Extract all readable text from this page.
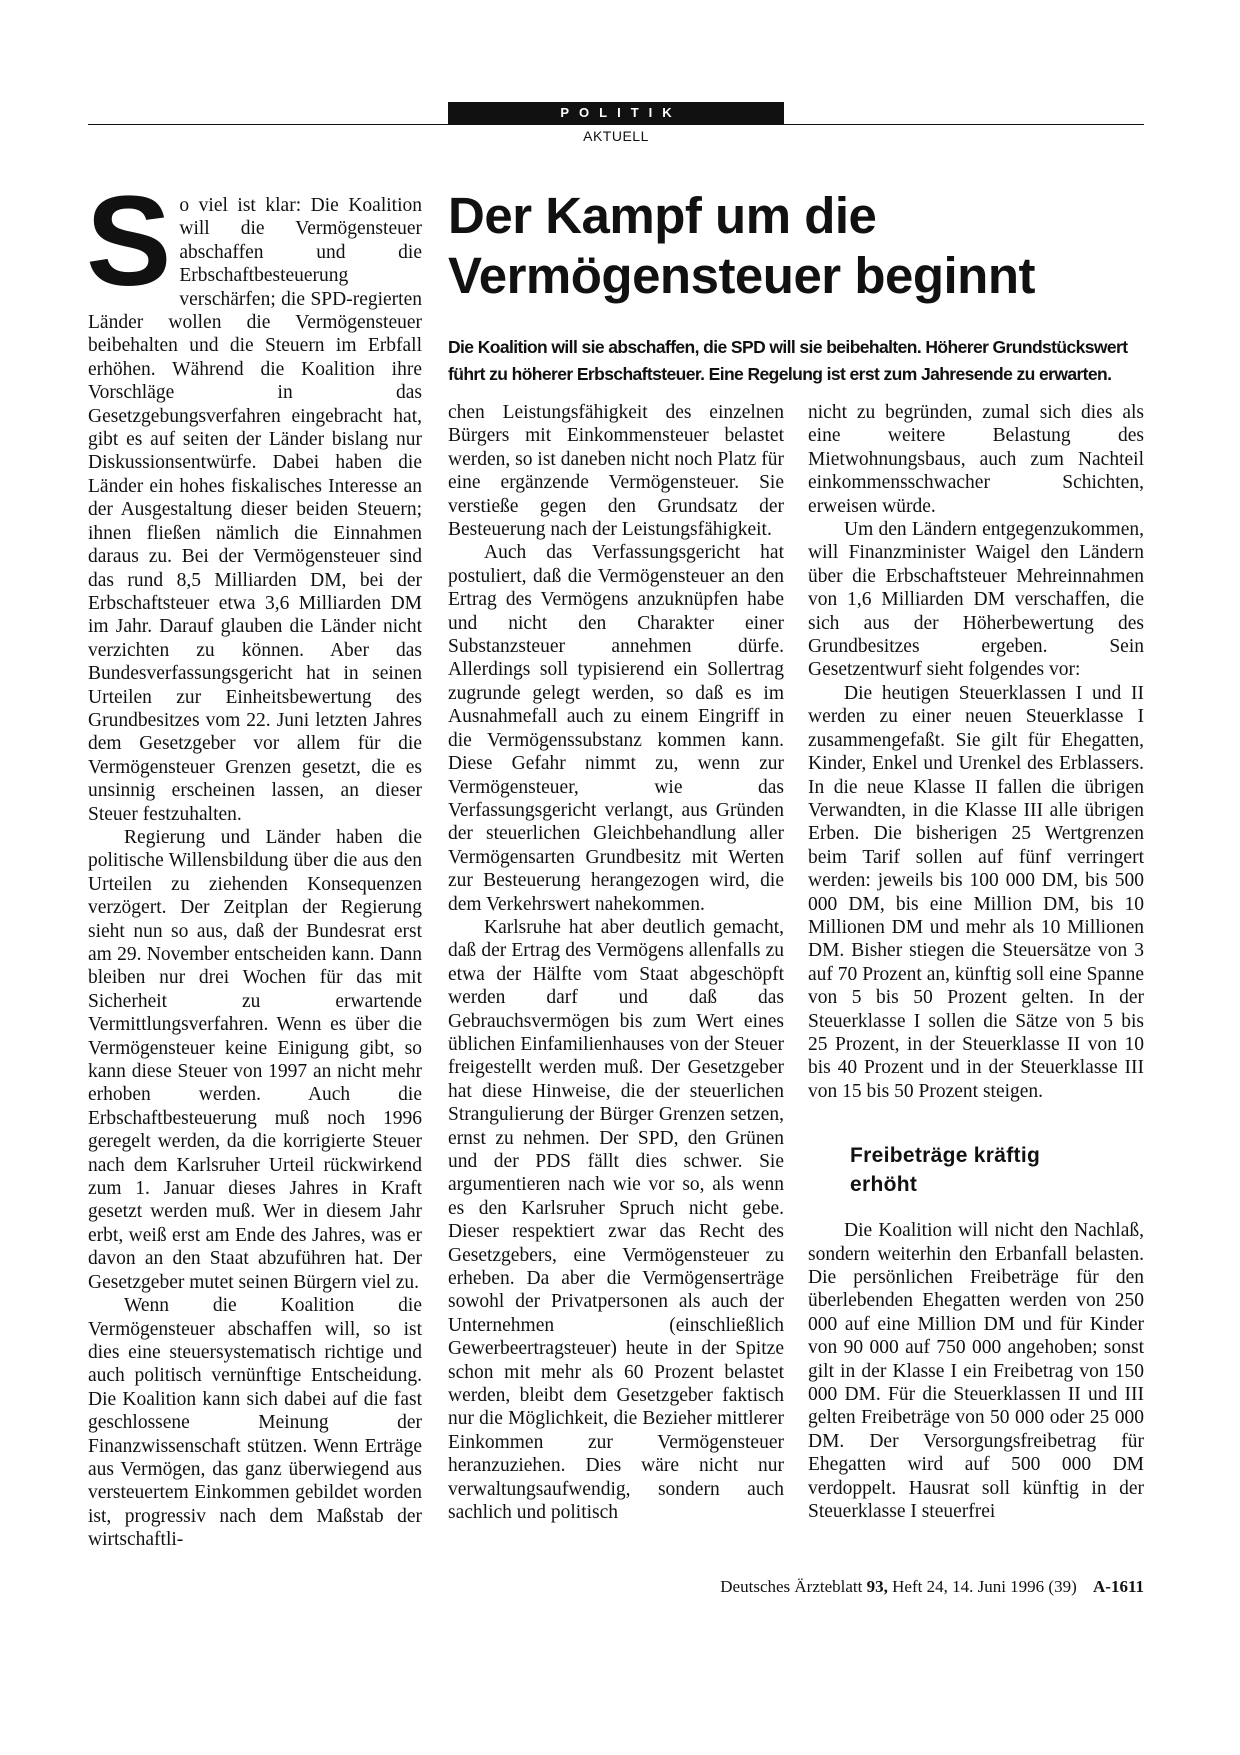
POLITIK
AKTUELL
Der Kampf um die
Vermögensteuer beginnt

Die Koalition will sie abschaffen, die SPD will sie beibehalten. Höherer Grundstückswert führt zu höherer Erbschaftsteuer. Eine Regelung ist erst zum Jahresende zu erwarten.

So viel ist klar: Die Koalition will die Vermögensteuer abschaffen und die Erbschaftbesteuerung verschärfen; die SPD-regierten Länder wollen die Vermögensteuer beibehalten und die Steuern im Erbfall erhöhen. Während die Koalition ihre Vorschläge in das Gesetzgebungsverfahren eingebracht hat, gibt es auf seiten der Länder bislang nur Diskussionsentwürfe. Dabei haben die Länder ein hohes fiskalisches Interesse an der Ausgestaltung dieser beiden Steuern; ihnen fließen nämlich die Einnahmen daraus zu. Bei der Vermögensteuer sind das rund 8,5 Milliarden DM, bei der Erbschaftsteuer etwa 3,6 Milliarden DM im Jahr. Darauf glauben die Länder nicht verzichten zu können. Aber das Bundesverfassungsgericht hat in seinen Urteilen zur Einheitsbewertung des Grundbesitzes vom 22. Juni letzten Jahres dem Gesetzgeber vor allem für die Vermögensteuer Grenzen gesetzt, die es unsinnig erscheinen lassen, an dieser Steuer festzuhalten.

Regierung und Länder haben die politische Willensbildung über die aus den Urteilen zu ziehenden Konsequenzen verzögert. Der Zeitplan der Regierung sieht nun so aus, daß der Bundesrat erst am 29. November entscheiden kann. Dann bleiben nur drei Wochen für das mit Sicherheit zu erwartende Vermittlungsverfahren. Wenn es über die Vermögensteuer keine Einigung gibt, so kann diese Steuer von 1997 an nicht mehr erhoben werden. Auch die Erbschaftbesteuerung muß noch 1996 geregelt werden, da die korrigierte Steuer nach dem Karlsruher Urteil rückwirkend zum 1. Januar dieses Jahres in Kraft gesetzt werden muß. Wer in diesem Jahr erbt, weiß erst am Ende des Jahres, was er davon an den Staat abzuführen hat. Der Gesetzgeber mutet seinen Bürgern viel zu.

Wenn die Koalition die Vermögensteuer abschaffen will, so ist dies eine steuersystematisch richtige und auch politisch vernünftige Entscheidung. Die Koalition kann sich dabei auf die fast geschlossene Meinung der Finanzwissenschaft stützen. Wenn Erträge aus Vermögen, das ganz überwiegend aus versteuertem Einkommen gebildet worden ist, progressiv nach dem Maßstab der wirtschaftli-

chen Leistungsfähigkeit des einzelnen Bürgers mit Einkommensteuer belastet werden, so ist daneben nicht noch Platz für eine ergänzende Vermögensteuer. Sie verstieße gegen den Grundsatz der Besteuerung nach der Leistungsfähigkeit.

Auch das Verfassungsgericht hat postuliert, daß die Vermögensteuer an den Ertrag des Vermögens anzuknüpfen habe und nicht den Charakter einer Substanzsteuer annehmen dürfe. Allerdings soll typisierend ein Sollertrag zugrunde gelegt werden, so daß es im Ausnahmefall auch zu einem Eingriff in die Vermögenssubstanz kommen kann. Diese Gefahr nimmt zu, wenn zur Vermögensteuer, wie das Verfassungsgericht verlangt, aus Gründen der steuerlichen Gleichbehandlung aller Vermögensarten Grundbesitz mit Werten zur Besteuerung herangezogen wird, die dem Verkehrswert nahekommen.

Karlsruhe hat aber deutlich gemacht, daß der Ertrag des Vermögens allenfalls zu etwa der Hälfte vom Staat abgeschöpft werden darf und daß das Gebrauchsvermögen bis zum Wert eines üblichen Einfamilienhauses von der Steuer freigestellt werden muß. Der Gesetzgeber hat diese Hinweise, die der steuerlichen Strangulierung der Bürger Grenzen setzen, ernst zu nehmen. Der SPD, den Grünen und der PDS fällt dies schwer. Sie argumentieren nach wie vor so, als wenn es den Karlsruher Spruch nicht gebe. Dieser respektiert zwar das Recht des Gesetzgebers, eine Vermögensteuer zu erheben. Da aber die Vermögenserträge sowohl der Privatpersonen als auch der Unternehmen (einschließlich Gewerbeertragsteuer) heute in der Spitze schon mit mehr als 60 Prozent belastet werden, bleibt dem Gesetzgeber faktisch nur die Möglichkeit, die Bezieher mittlerer Einkommen zur Vermögensteuer heranzuziehen. Dies wäre nicht nur verwaltungsaufwendig, sondern auch sachlich und politisch

nicht zu begründen, zumal sich dies als eine weitere Belastung des Mietwohnungsbaus, auch zum Nachteil einkommensschwacher Schichten, erweisen würde.

Um den Ländern entgegenzukommen, will Finanzminister Waigel den Ländern über die Erbschaftsteuer Mehreinnahmen von 1,6 Milliarden DM verschaffen, die sich aus der Höherbewertung des Grundbesitzes ergeben. Sein Gesetzentwurf sieht folgendes vor:

Die heutigen Steuerklassen I und II werden zu einer neuen Steuerklasse I zusammengefaßt. Sie gilt für Ehegatten, Kinder, Enkel und Urenkel des Erblassers. In die neue Klasse II fallen die übrigen Verwandten, in die Klasse III alle übrigen Erben. Die bisherigen 25 Wertgrenzen beim Tarif sollen auf fünf verringert werden: jeweils bis 100 000 DM, bis 500 000 DM, bis eine Million DM, bis 10 Millionen DM und mehr als 10 Millionen DM. Bisher stiegen die Steuersätze von 3 auf 70 Prozent an, künftig soll eine Spanne von 5 bis 50 Prozent gelten. In der Steuerklasse I sollen die Sätze von 5 bis 25 Prozent, in der Steuerklasse II von 10 bis 40 Prozent und in der Steuerklasse III von 15 bis 50 Prozent steigen.

Freibeträge kräftig
erhöht

Die Koalition will nicht den Nachlaß, sondern weiterhin den Erbanfall belasten. Die persönlichen Freibeträge für den überlebenden Ehegatten werden von 250 000 auf eine Million DM und für Kinder von 90 000 auf 750 000 angehoben; sonst gilt in der Klasse I ein Freibetrag von 150 000 DM. Für die Steuerklassen II und III gelten Freibeträge von 50 000 oder 25 000 DM. Der Versorgungsfreibetrag für Ehegatten wird auf 500 000 DM verdoppelt. Hausrat soll künftig in der Steuerklasse I steuerfrei

Deutsches Ärzteblatt 93, Heft 24, 14. Juni 1996 (39) A-1611
